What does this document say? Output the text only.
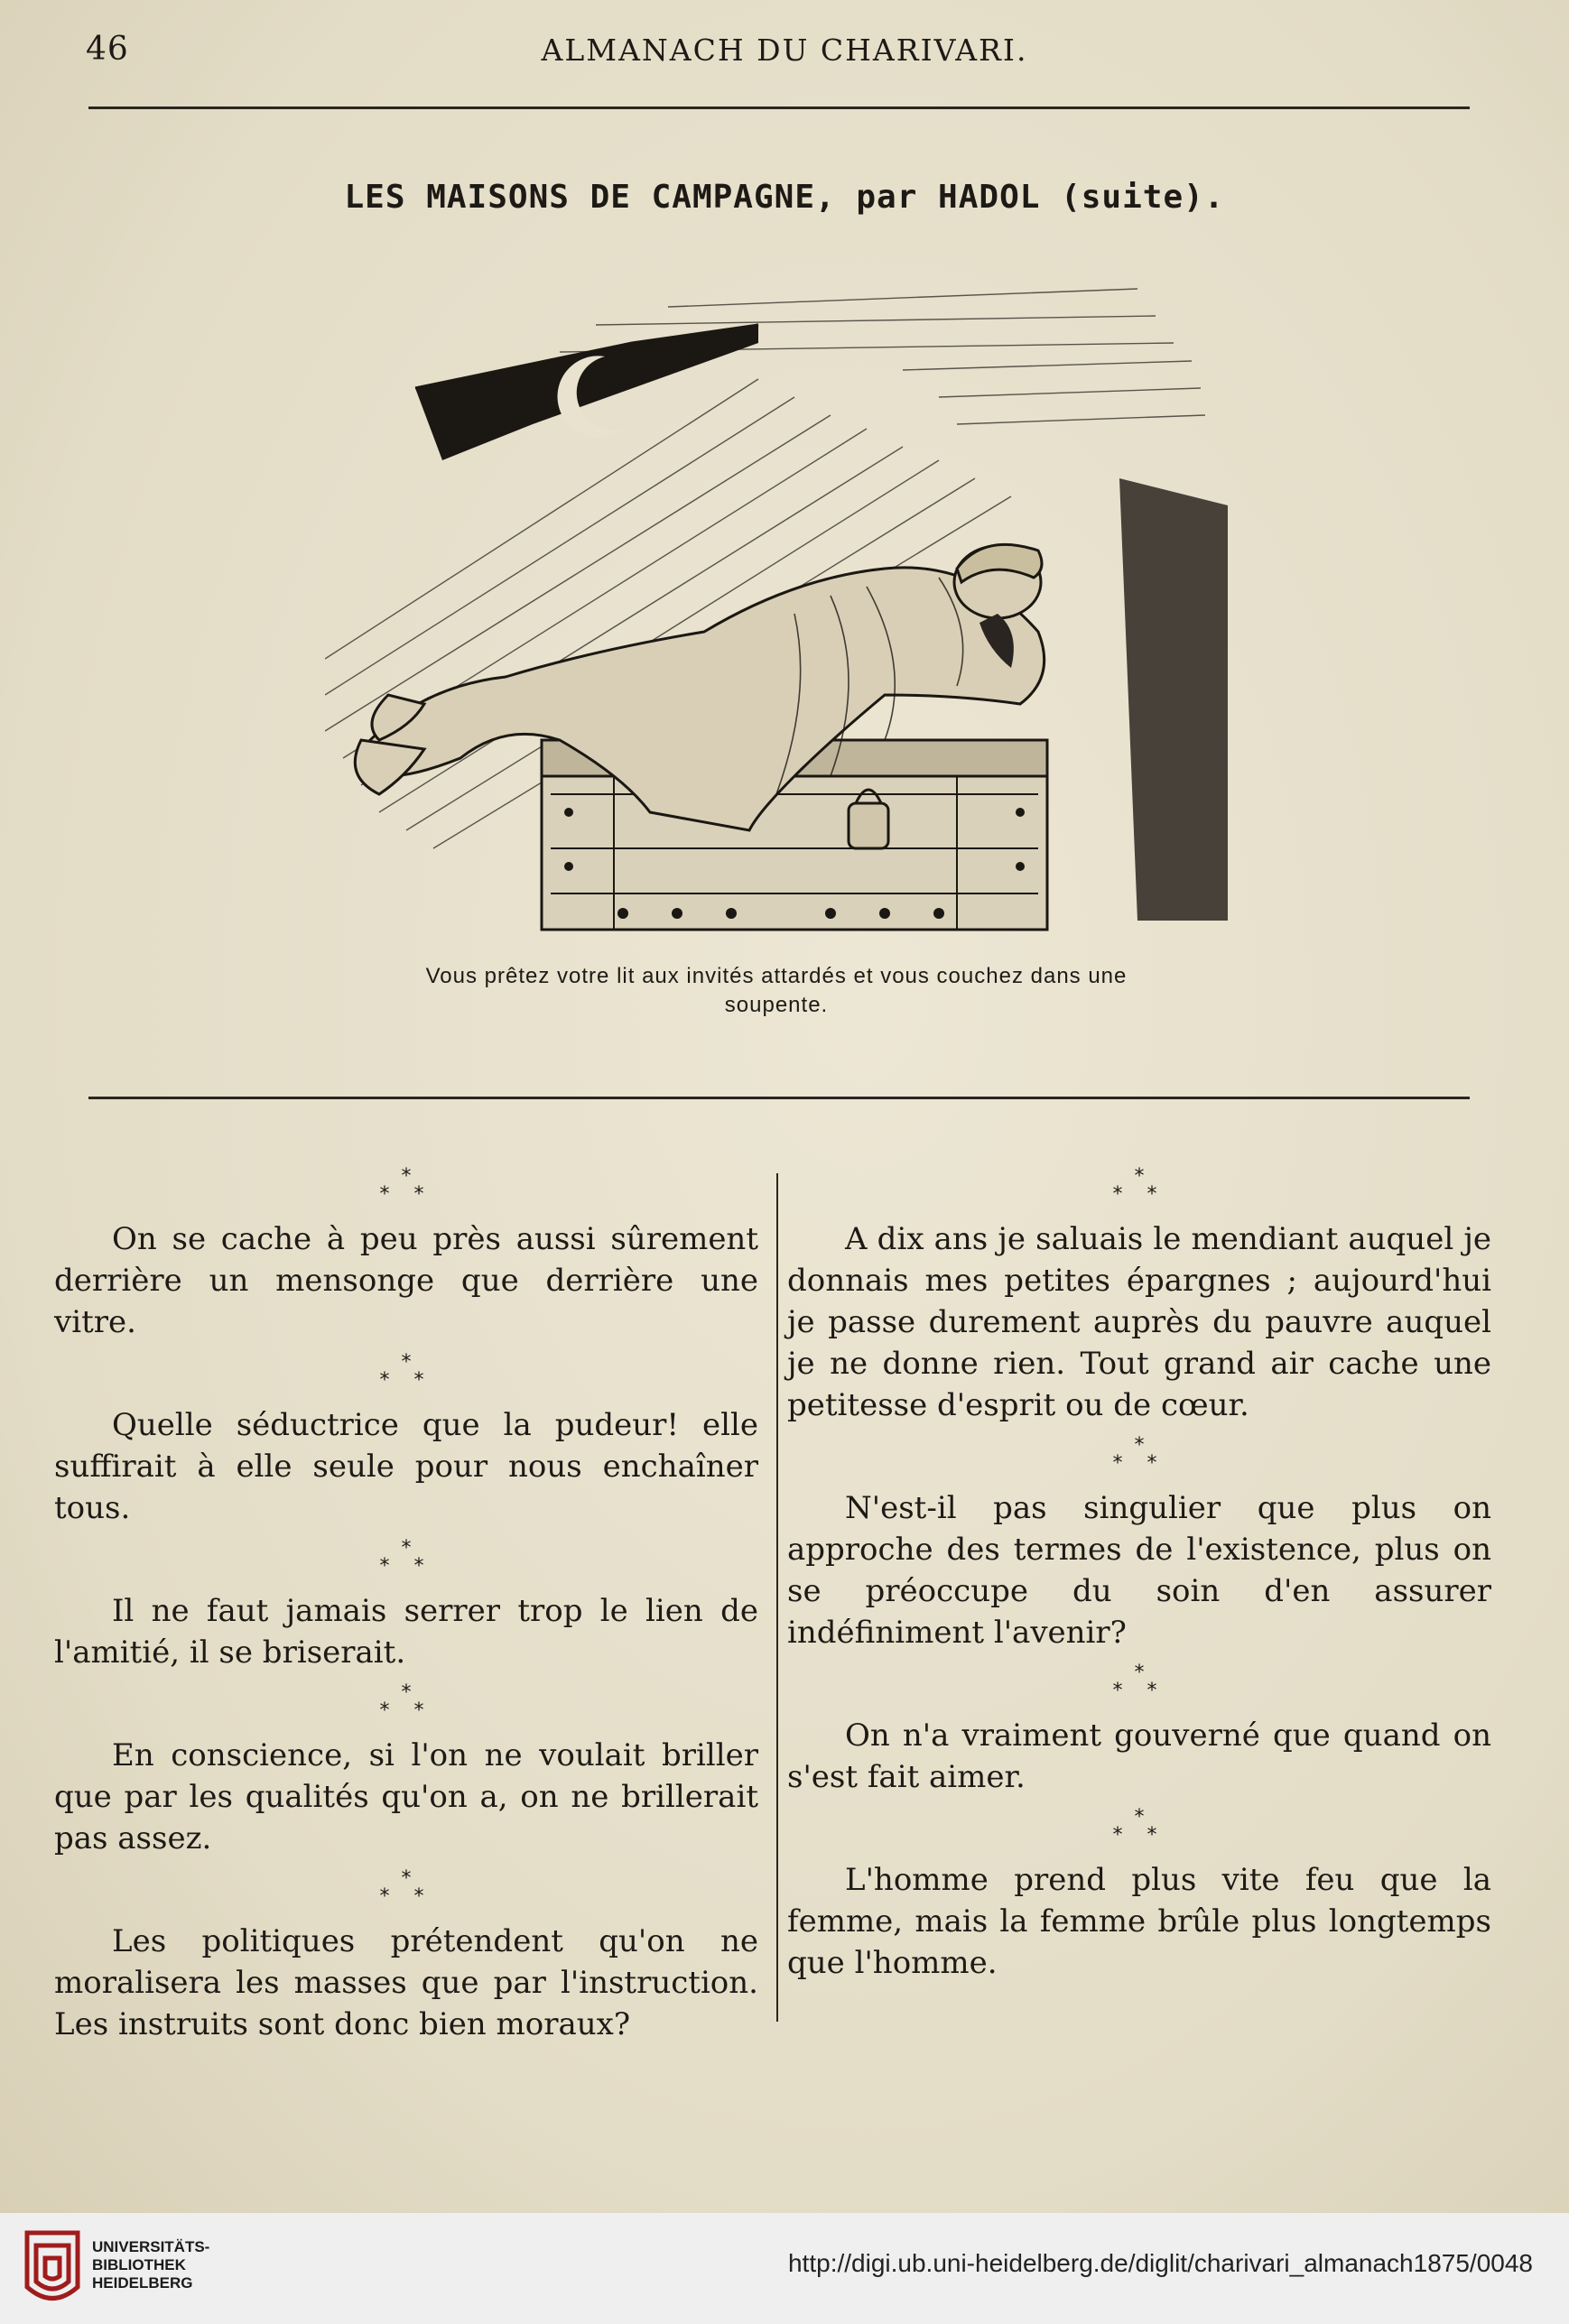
46	ALMANACH DU CHARIVARI.
LES MAISONS DE CAMPAGNE, par HADOL (suite).
Vous prêtez votre lit aux invités attardés et vous couchez dans une soupente.
*
* *

On se cache à peu près aussi sûrement derrière un mensonge que derrière une vitre.

*
* *

Quelle séductrice que la pudeur! elle suffirait à elle seule pour nous enchaîner tous.

*
* *

Il ne faut jamais serrer trop le lien de l'amitié, il se briserait.

*
* *

En conscience, si l'on ne voulait briller que par les qualités qu'on a, on ne brillerait pas assez.

*
* *

Les politiques prétendent qu'on ne moralisera les masses que par l'instruction. Les instruits sont donc bien moraux?

*
* *

A dix ans je saluais le mendiant auquel je donnais mes petites épargnes ; aujourd'hui je passe durement auprès du pauvre auquel je ne donne rien. Tout grand air cache une petitesse d'esprit ou de cœur.

*
* *

N'est-il pas singulier que plus on approche des termes de l'existence, plus on se préoccupe du soin d'en assurer indéfiniment l'avenir?

*
* *

On n'a vraiment gouverné que quand on s'est fait aimer.

*
* *

L'homme prend plus vite feu que la femme, mais la femme brûle plus longtemps que l'homme.

UNIVERSITÄTS-
BIBLIOTHEK
HEIDELBERG
http://digi.ub.uni-heidelberg.de/diglit/charivari_almanach1875/0048
